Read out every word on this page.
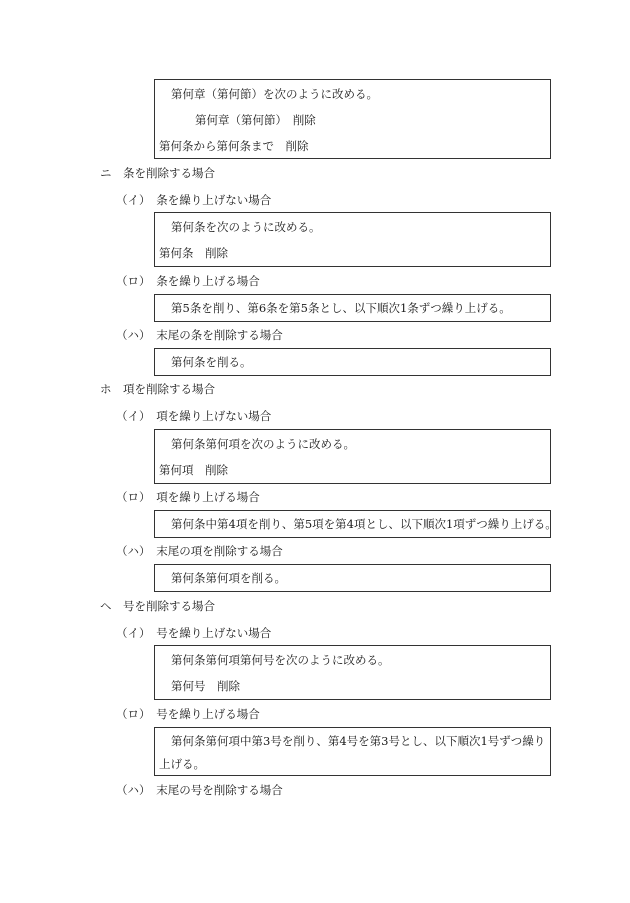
第何章（第何節）を次のように改める。
第何章（第何節）　削除
第何条から第何条まで　削除
ニ　条を削除する場合
（イ）　条を繰り上げない場合
第何条を次のように改める。
第何条　削除
（ロ）　条を繰り上げる場合
第5条を削り、第6条を第5条とし、以下順次1条ずつ繰り上げる。
（ハ）　末尾の条を削除する場合
第何条を削る。
ホ　項を削除する場合
（イ）　項を繰り上げない場合
第何条第何項を次のように改める。
第何項　削除
（ロ）　項を繰り上げる場合
第何条中第4項を削り、第5項を第4項とし、以下順次1項ずつ繰り上げる。
（ハ）　末尾の項を削除する場合
第何条第何項を削る。
ヘ　号を削除する場合
（イ）　号を繰り上げない場合
第何条第何項第何号を次のように改める。
第何号　削除
（ロ）　号を繰り上げる場合
第何条第何項中第3号を削り、第4号を第3号とし、以下順次1号ずつ繰り
上げる。
（ハ）　末尾の号を削除する場合
